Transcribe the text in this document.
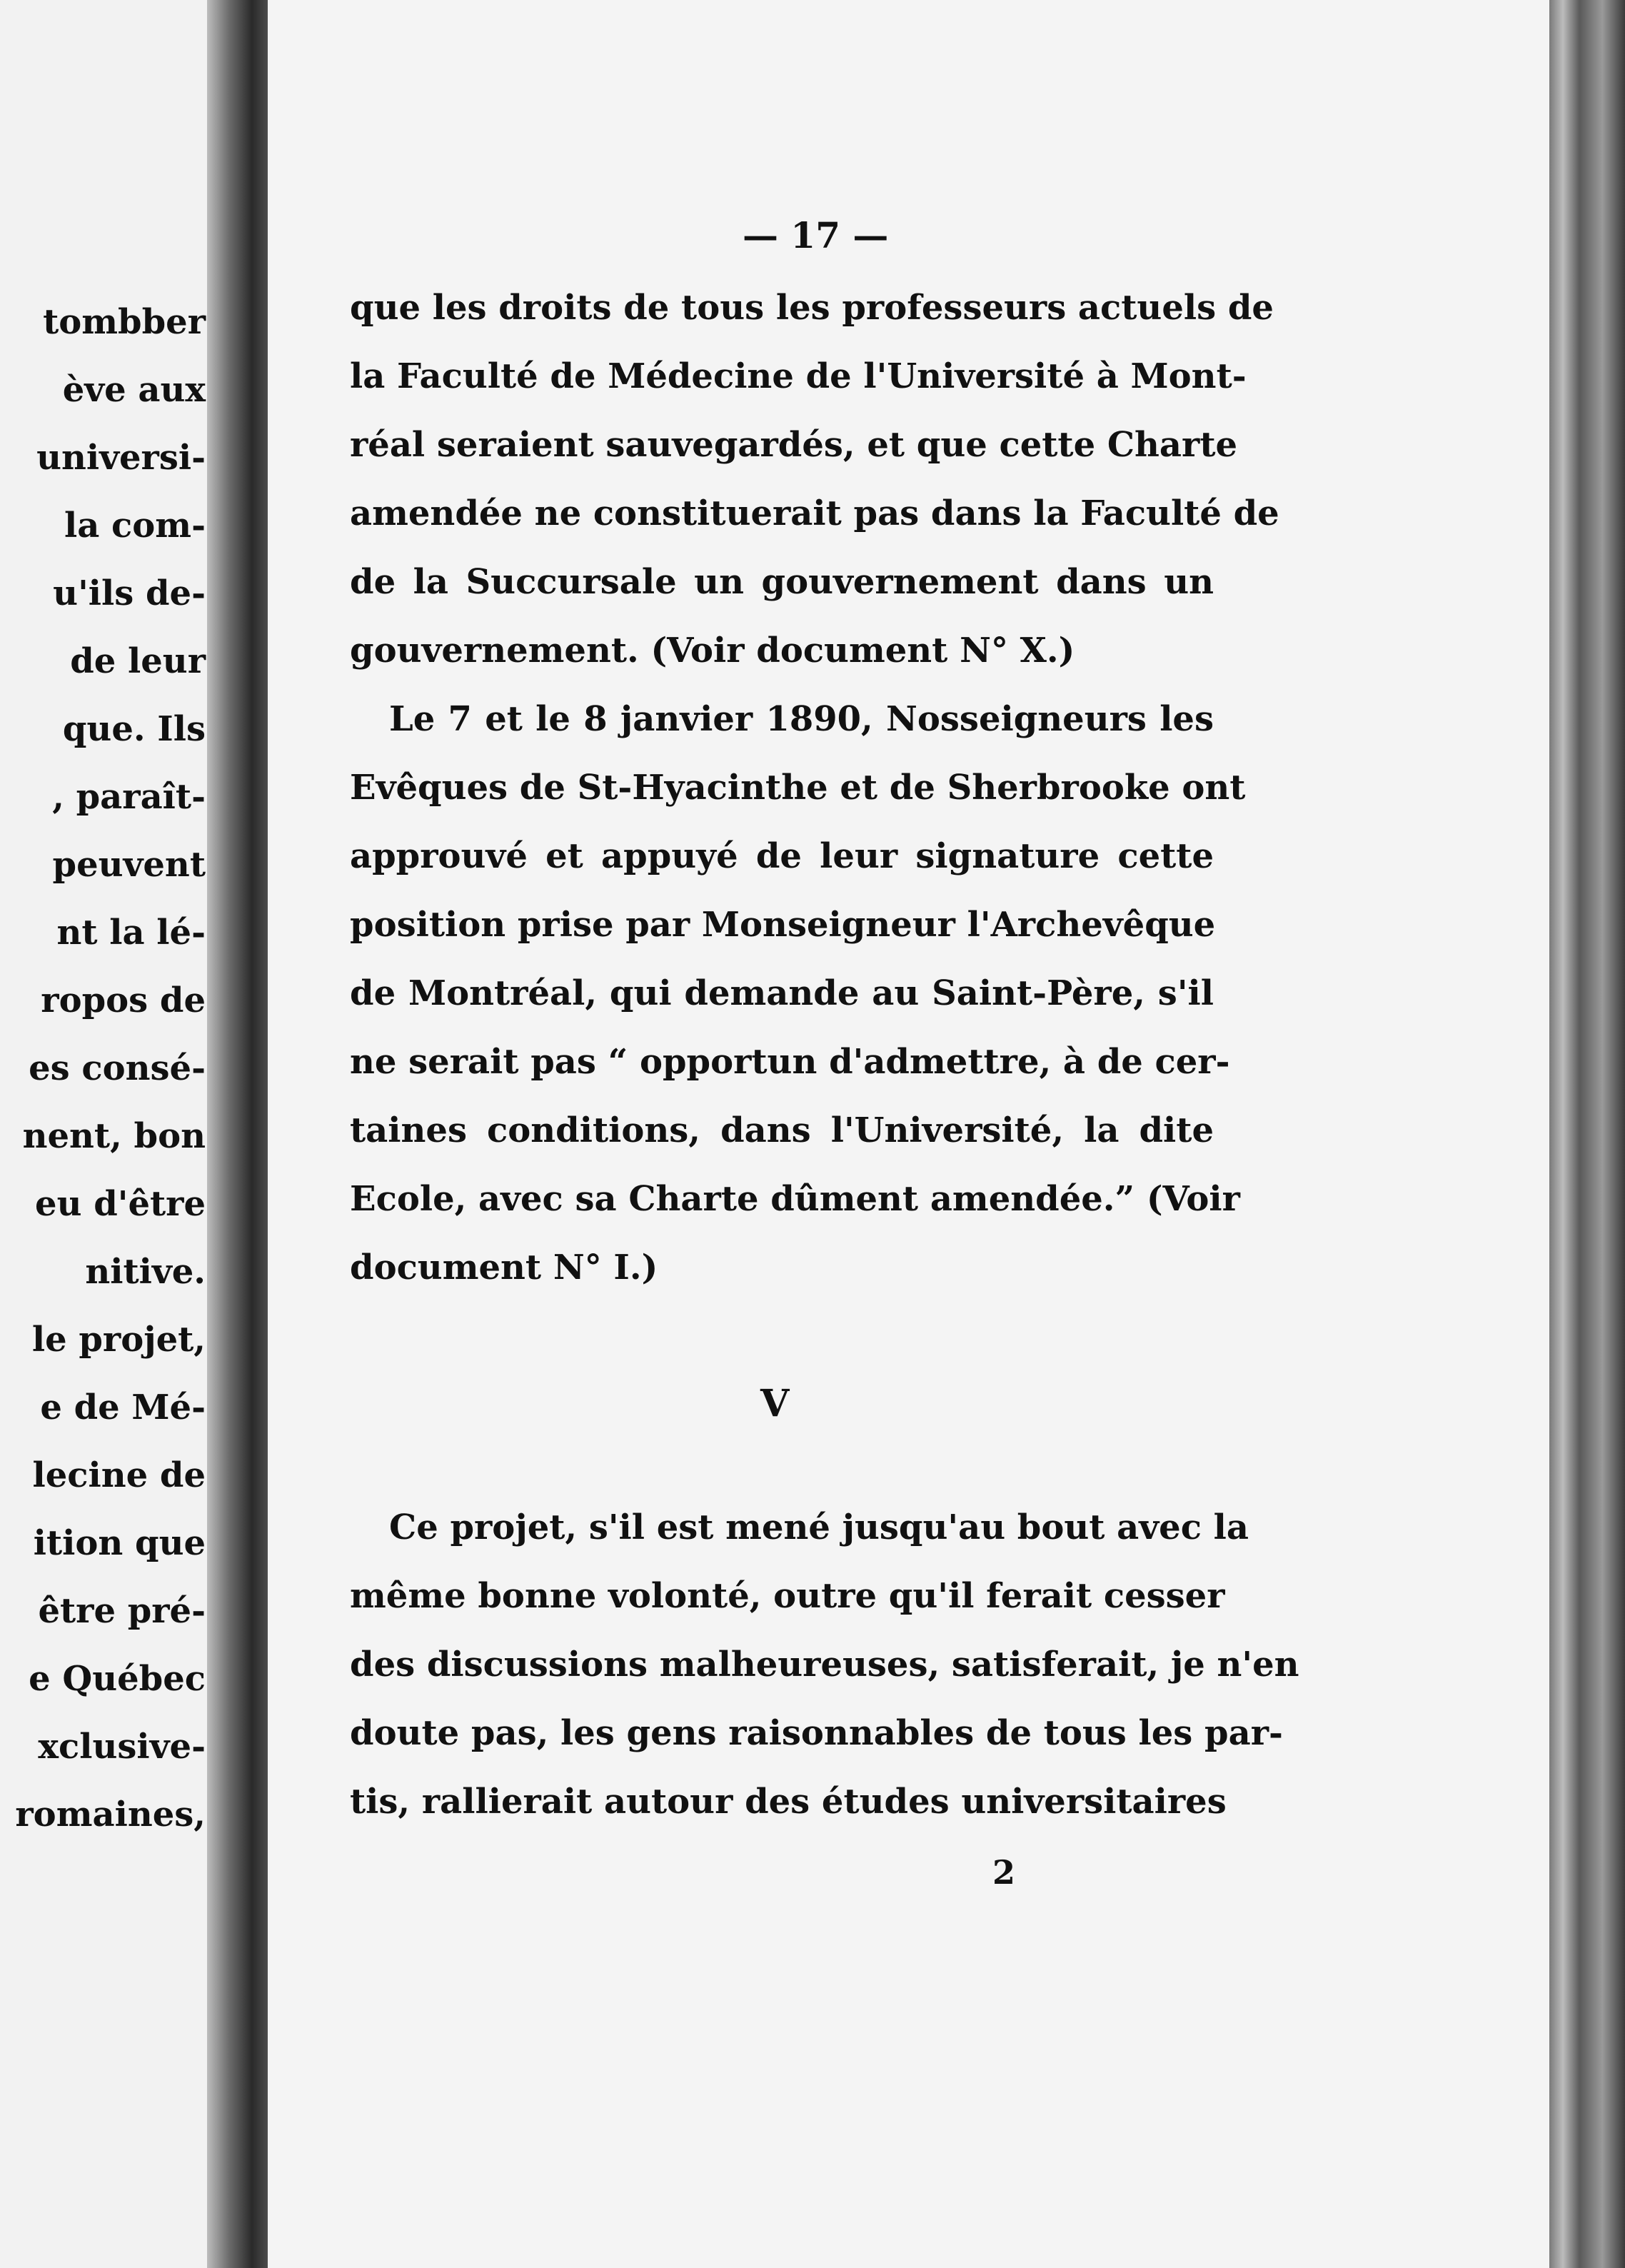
tombber

ève aux

universi-

la com-

u'ils de-

de leur

que. Ils

, paraît-

peuvent

nt la lé-

ropos de

es consé-

nent, bon

eu d'être

nitive.

le projet,

e de Mé-

lecine de

ition que

être pré-

e Québec

xclusive-

romaines,

— 17 —

que les droits de tous les professeurs actuels de

la Faculté de Médecine de l'Université à Mont-

réal seraient sauvegardés, et que cette Charte

amendée ne constituerait pas dans la Faculté de

de la Succursale un gouvernement dans un

gouvernement. (Voir document N° X.)

Le 7 et le 8 janvier 1890, Nosseigneurs les

Evêques de St-Hyacinthe et de Sherbrooke ont

approuvé et appuyé de leur signature cette

position prise par Monseigneur l'Archevêque

de Montréal, qui demande au Saint-Père, s'il

ne serait pas “ opportun d'admettre, à de cer-

taines conditions, dans l'Université, la dite

Ecole, avec sa Charte dûment amendée.” (Voir

document N° I.)

V

Ce projet, s'il est mené jusqu'au bout avec la

même bonne volonté, outre qu'il ferait cesser

des discussions malheureuses, satisferait, je n'en

doute pas, les gens raisonnables de tous les par-

tis, rallierait autour des études universitaires

2
